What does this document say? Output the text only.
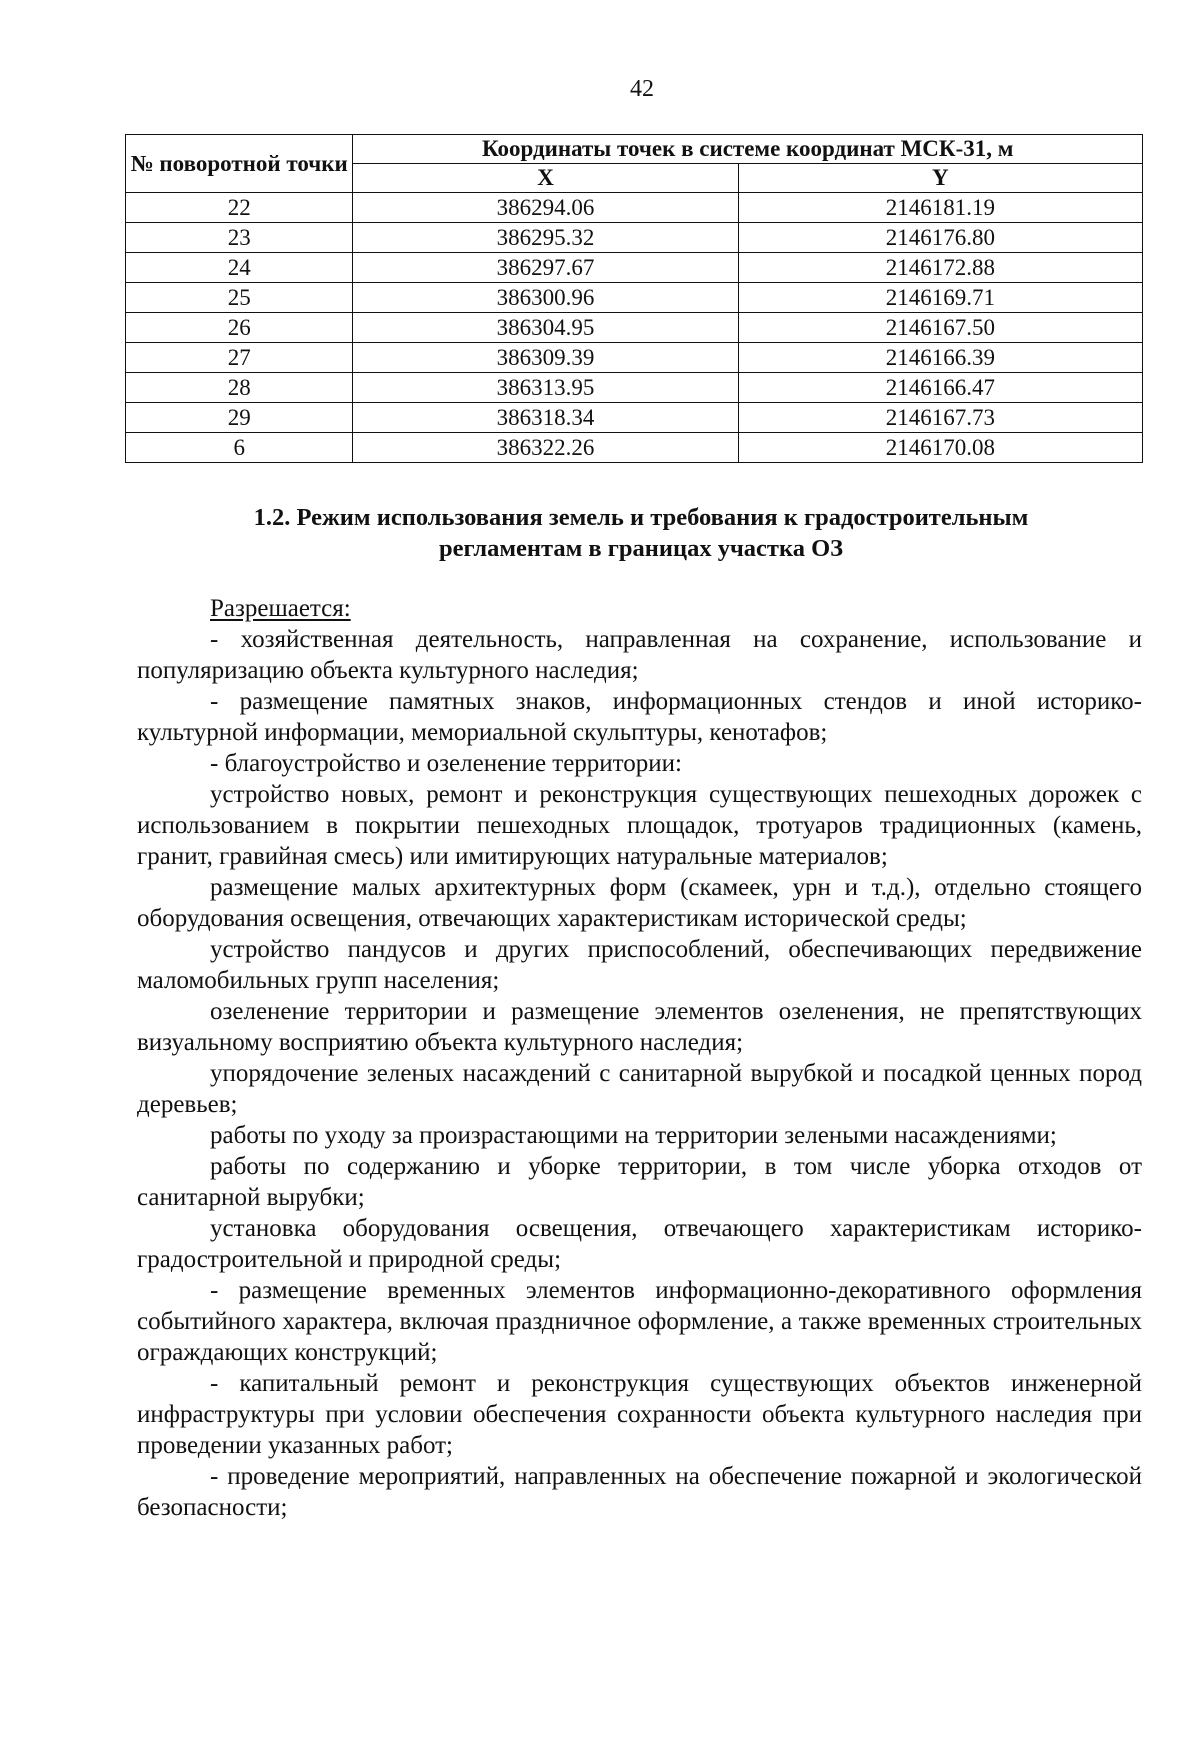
42
№ поворотной точки	Координаты точек в системе координат МСК-31, м	
	X	Y
22	386294.06	2146181.19
23	386295.32	2146176.80
24	386297.67	2146172.88
25	386300.96	2146169.71
26	386304.95	2146167.50
27	386309.39	2146166.39
28	386313.95	2146166.47
29	386318.34	2146167.73
6	386322.26	2146170.08
1.2. Режим использования земель и требования к градостроительным
регламентам в границах участка ОЗ

Разрешается:

- хозяйственная деятельность, направленная на сохранение, использование и популяризацию объекта культурного наследия;

- размещение памятных знаков, информационных стендов и иной историко-культурной информации, мемориальной скульптуры, кенотафов;

- благоустройство и озеленение территории:

устройство новых, ремонт и реконструкция существующих пешеходных дорожек с использованием в покрытии пешеходных площадок, тротуаров традиционных (камень, гранит, гравийная смесь) или имитирующих натуральные материалов;

размещение малых архитектурных форм (скамеек, урн и т.д.), отдельно стоящего оборудования освещения, отвечающих характеристикам исторической среды;

устройство пандусов и других приспособлений, обеспечивающих передвижение маломобильных групп населения;

озеленение территории и размещение элементов озеленения, не препятствующих визуальному восприятию объекта культурного наследия;

упорядочение зеленых насаждений с санитарной вырубкой и посадкой ценных пород деревьев;

работы по уходу за произрастающими на территории зелеными насаждениями;

работы по содержанию и уборке территории, в том числе уборка отходов от санитарной вырубки;

установка оборудования освещения, отвечающего характеристикам историко-градостроительной и природной среды;

- размещение временных элементов информационно-декоративного оформления событийного характера, включая праздничное оформление, а также временных строительных ограждающих конструкций;

- капитальный ремонт и реконструкция существующих объектов инженерной инфраструктуры при условии обеспечения сохранности объекта культурного наследия при проведении указанных работ;

- проведение мероприятий, направленных на обеспечение пожарной и экологической безопасности;
